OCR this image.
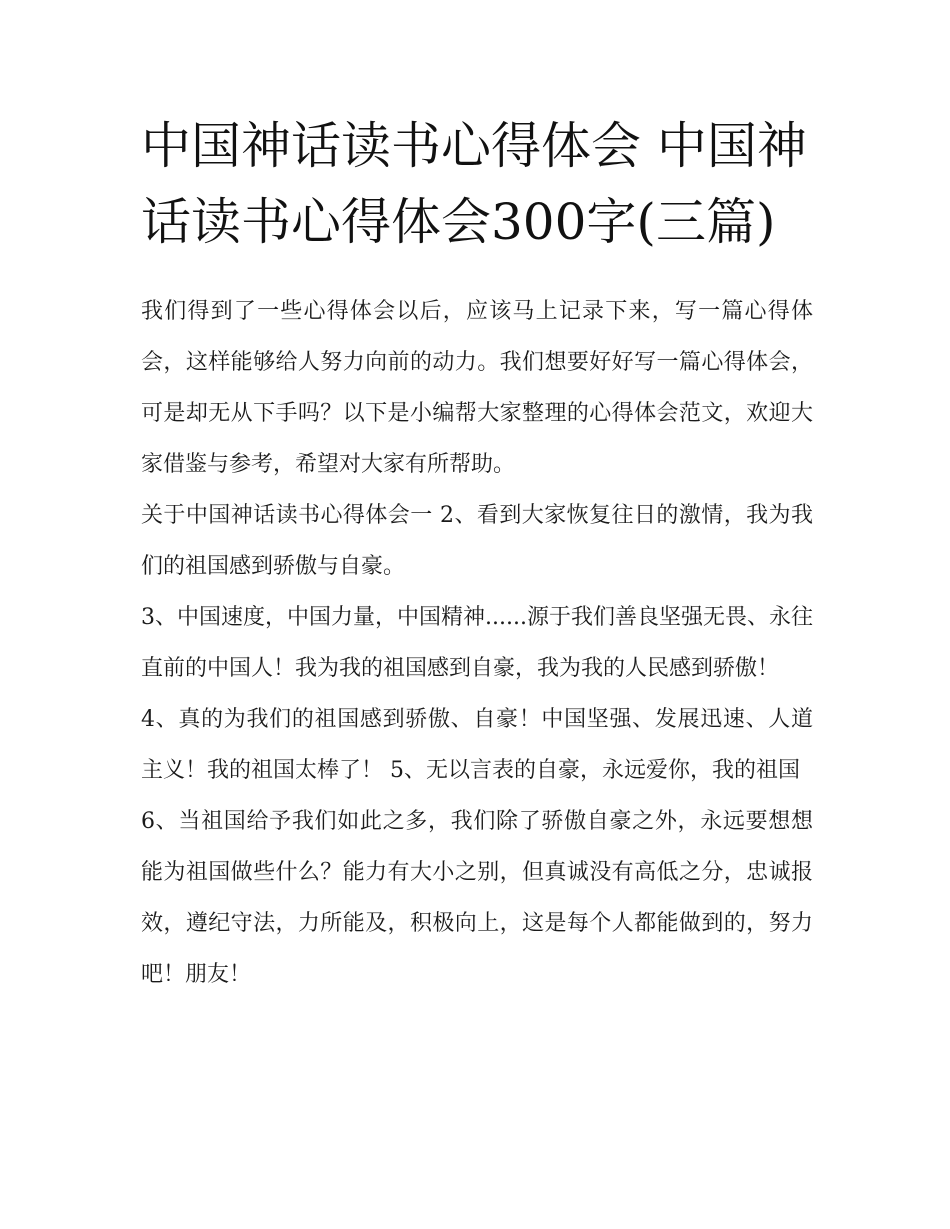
中国神话读书心得体会 中国神话读书心得体会300字(三篇)

我们得到了一些心得体会以后，应该马上记录下来，写一篇心得体会，这样能够给人努力向前的动力。我们想要好好写一篇心得体会，可是却无从下手吗？以下是小编帮大家整理的心得体会范文，欢迎大家借鉴与参考，希望对大家有所帮助。

关于中国神话读书心得体会一 2、看到大家恢复往日的激情，我为我们的祖国感到骄傲与自豪。

3、中国速度，中国力量，中国精神......源于我们善良坚强无畏、永往直前的中国人！我为我的祖国感到自豪，我为我的人民感到骄傲！

4、真的为我们的祖国感到骄傲、自豪！中国坚强、发展迅速、人道主义！我的祖国太棒了！ 5、无以言表的自豪，永远爱你，我的祖国

6、当祖国给予我们如此之多，我们除了骄傲自豪之外，永远要想想能为祖国做些什么？能力有大小之别，但真诚没有高低之分，忠诚报效，遵纪守法，力所能及，积极向上，这是每个人都能做到的，努力吧！朋友！
